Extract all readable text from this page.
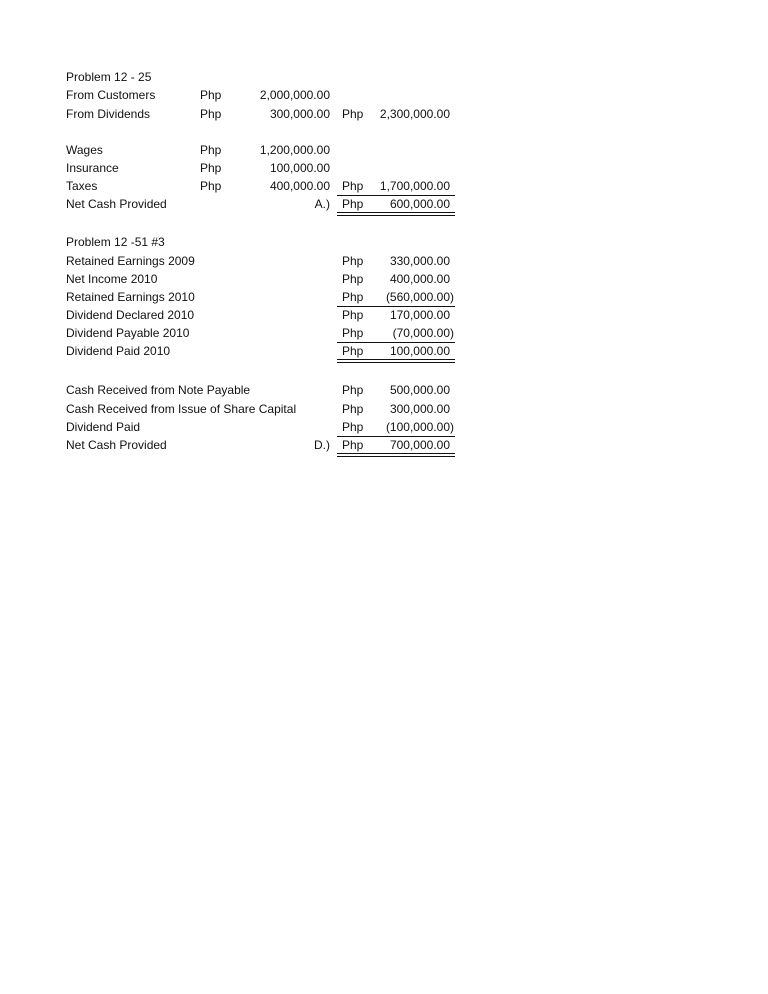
Problem 12 - 25
From Customers	Php	2,000,000.00
From Dividends	Php	300,000.00 Php	2,300,000.00
Wages	Php	1,200,000.00
Insurance	Php	100,000.00
Taxes	Php	400,000.00 Php	1,700,000.00
Net Cash Provided	A.) Php	600,000.00
Problem 12 -51 #3
Retained Earnings 2009	Php	330,000.00
Net Income 2010	Php	400,000.00
Retained Earnings 2010	Php	(560,000.00)
Dividend Declared 2010	Php	170,000.00
Dividend Payable 2010	Php	(70,000.00)
Dividend Paid 2010	Php	100,000.00
Cash Received from Note Payable	Php	500,000.00
Cash Received from Issue of Share Capital	Php	300,000.00
Dividend Paid	Php	(100,000.00)
Net Cash Provided	D.) Php	700,000.00
